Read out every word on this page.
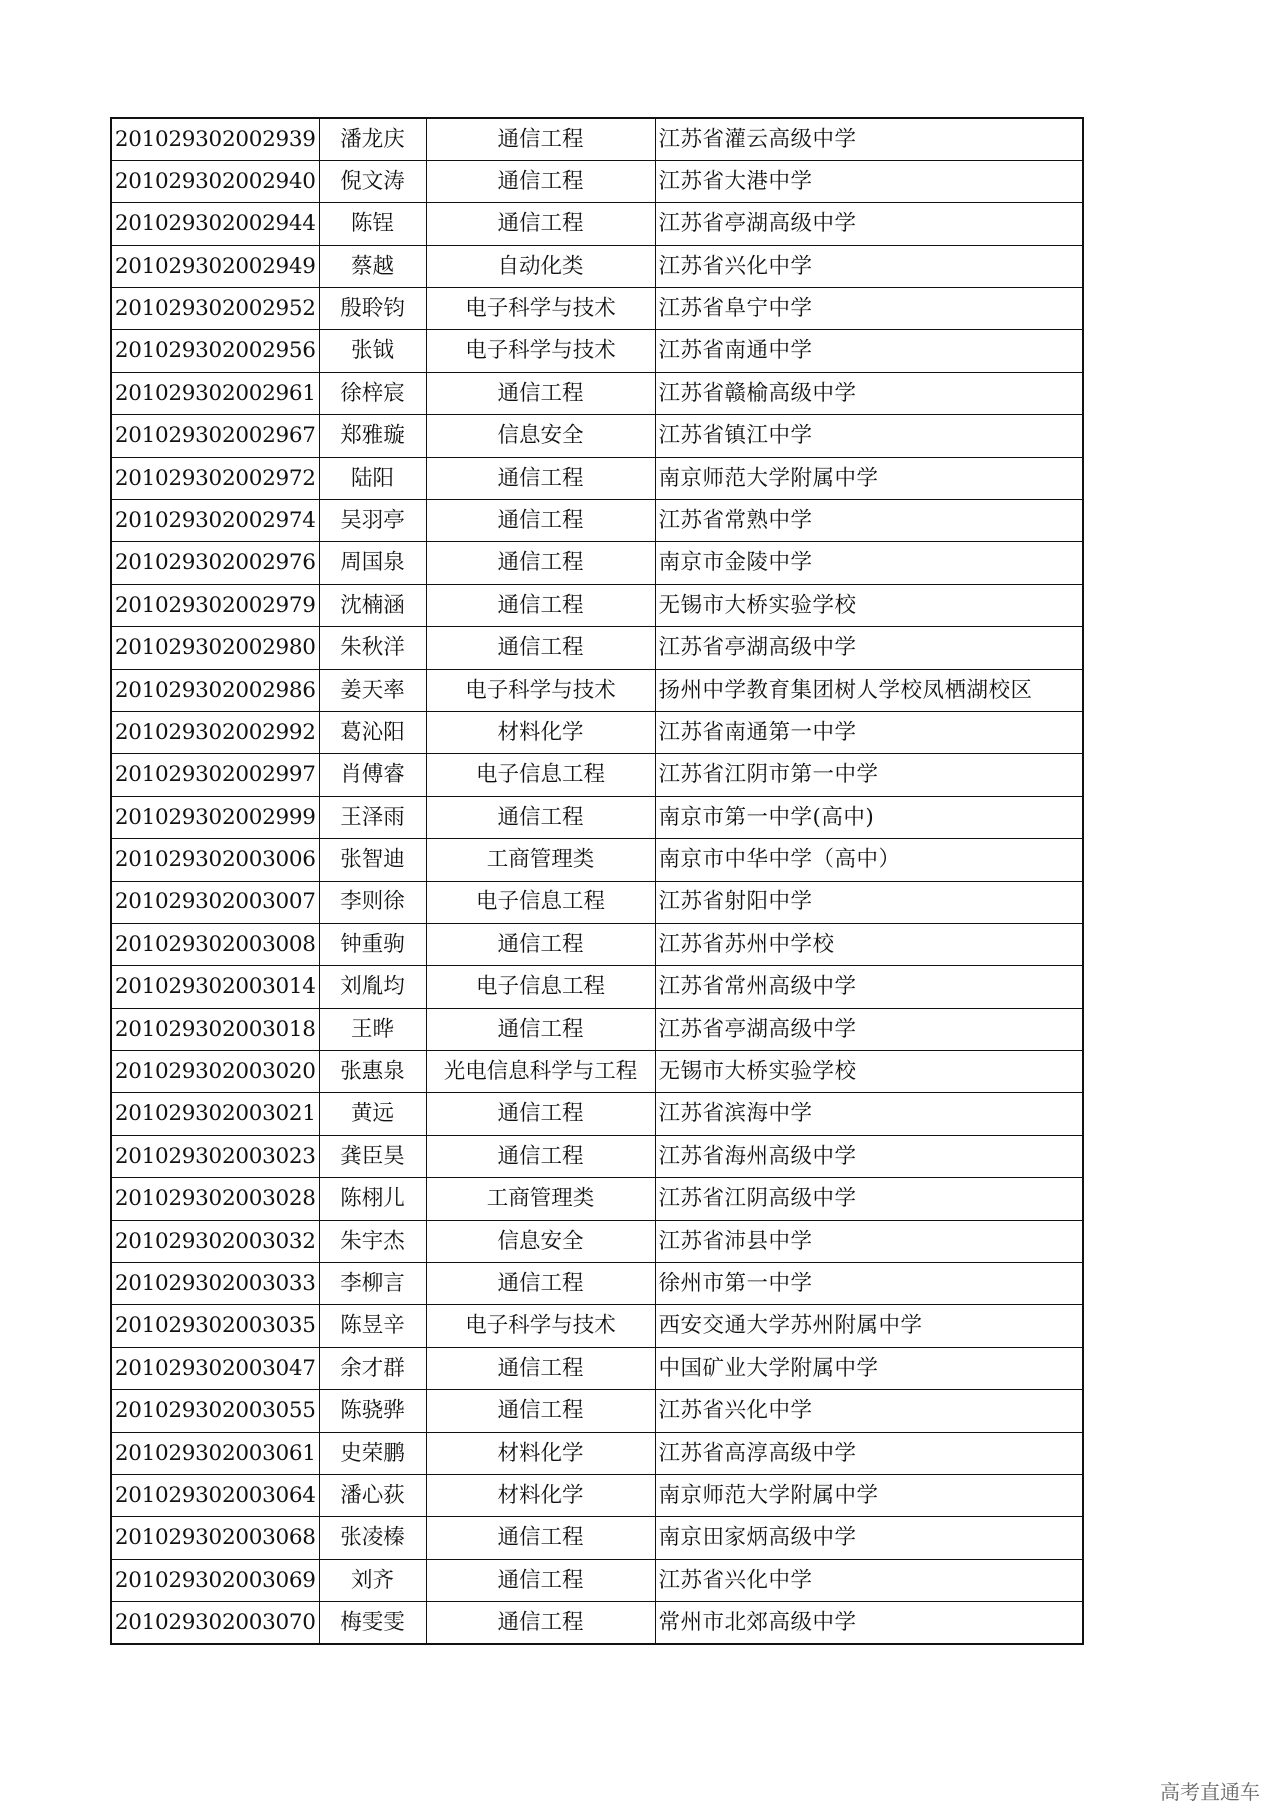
201029302002939	潘龙庆	通信工程	江苏省灌云高级中学
201029302002940	倪文涛	通信工程	江苏省大港中学
201029302002944	陈锃	通信工程	江苏省亭湖高级中学
201029302002949	蔡越	自动化类	江苏省兴化中学
201029302002952	殷聆钧	电子科学与技术	江苏省阜宁中学
201029302002956	张钺	电子科学与技术	江苏省南通中学
201029302002961	徐梓宸	通信工程	江苏省赣榆高级中学
201029302002967	郑雅璇	信息安全	江苏省镇江中学
201029302002972	陆阳	通信工程	南京师范大学附属中学
201029302002974	吴羽亭	通信工程	江苏省常熟中学
201029302002976	周国泉	通信工程	南京市金陵中学
201029302002979	沈楠涵	通信工程	无锡市大桥实验学校
201029302002980	朱秋洋	通信工程	江苏省亭湖高级中学
201029302002986	姜天率	电子科学与技术	扬州中学教育集团树人学校凤栖湖校区
201029302002992	葛沁阳	材料化学	江苏省南通第一中学
201029302002997	肖傅睿	电子信息工程	江苏省江阴市第一中学
201029302002999	王泽雨	通信工程	南京市第一中学(高中)
201029302003006	张智迪	工商管理类	南京市中华中学（高中）
201029302003007	李则徐	电子信息工程	江苏省射阳中学
201029302003008	钟重驹	通信工程	江苏省苏州中学校
201029302003014	刘胤均	电子信息工程	江苏省常州高级中学
201029302003018	王晔	通信工程	江苏省亭湖高级中学
201029302003020	张惠泉	光电信息科学与工程	无锡市大桥实验学校
201029302003021	黄远	通信工程	江苏省滨海中学
201029302003023	龚臣昊	通信工程	江苏省海州高级中学
201029302003028	陈栩儿	工商管理类	江苏省江阴高级中学
201029302003032	朱宇杰	信息安全	江苏省沛县中学
201029302003033	李柳言	通信工程	徐州市第一中学
201029302003035	陈昱辛	电子科学与技术	西安交通大学苏州附属中学
201029302003047	余才群	通信工程	中国矿业大学附属中学
201029302003055	陈骁骅	通信工程	江苏省兴化中学
201029302003061	史荣鹏	材料化学	江苏省高淳高级中学
201029302003064	潘心荻	材料化学	南京师范大学附属中学
201029302003068	张凌榛	通信工程	南京田家炳高级中学
201029302003069	刘齐	通信工程	江苏省兴化中学
201029302003070	梅雯雯	通信工程	常州市北郊高级中学
高考直通车
